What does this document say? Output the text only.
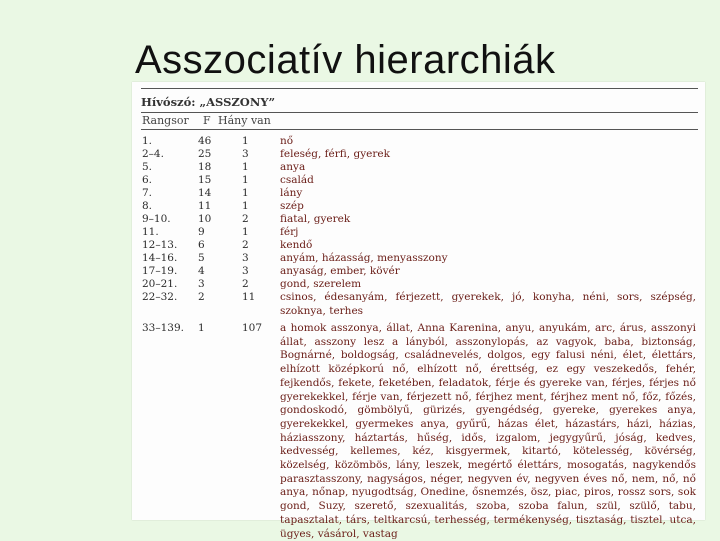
Asszociatív hierarchiák
Hívószó: „ASSZONY”
Rangsor F Hány van
1.	46	1	nő
2–4.	25	3	feleség, férfi, gyerek
5.	18	1	anya
6.	15	1	család
7.	14	1	lány
8.	11	1	szép
9–10.	10	2	fiatal, gyerek
11.	9	1	férj
12–13. 6	2	kendő
14–16. 5	3	anyám, házasság, menyasszony
17–19. 4	3	anyaság, ember, kövér
20–21. 3	2	gond, szerelem
22–32. 2	11 csinos, édesanyám, férjezett, gyerekek, jó, konyha, néni, sors, szépség, szoknya, terhes
33–139. 1	107 a homok asszonya, állat, Anna Karenina, anyu, anyukám, arc, árus, asszonyi állat, asszony lesz a lányból, asszonylopás, az vagyok, baba, biztonság, Bognárné, boldogság, családnevelés, dolgos, egy falusi néni, élet, élettárs, elhízott középkorú nő, elhízott nő, érettség, ez egy veszekedős, fehér, fejkendős, fekete, feketében, feladatok, férje és gyereke van, férjes, férjes nő gyerekekkel, férje van, férjezett nő, férjhez ment, férjhez ment nő, főz, főzés, gondoskodó, gömbölyű, gürizés, gyengédség, gyereke, gyerekes anya, gyerekekkel, gyermekes anya, gyűrű, házas élet, házastárs, házi, házias, háziasszony, háztartás, hűség, idős, izgalom, jegygyűrű, jóság, kedves, kedvesség, kellemes, kéz, kisgyermek, kitartó, kötelesség, kövérség, közelség, közömbös, lány, leszek, megértő élettárs, mosogatás, nagykendős parasztasszony, nagyságos, néger, negyven év, negyven éves nő, nem, nő, nő anya, nőnap, nyugodtság, Onedine, ősnemzés, ösz, piac, piros, rossz sors, sok gond, Suzy, szerető, szexualitás, szoba, szoba falun, szül, szülő, tabu, tapasztalat, társ, teltkarcsú, terhesség, termékenység, tisztaság, tisztel, utca, ügyes, vásárol, vastag
